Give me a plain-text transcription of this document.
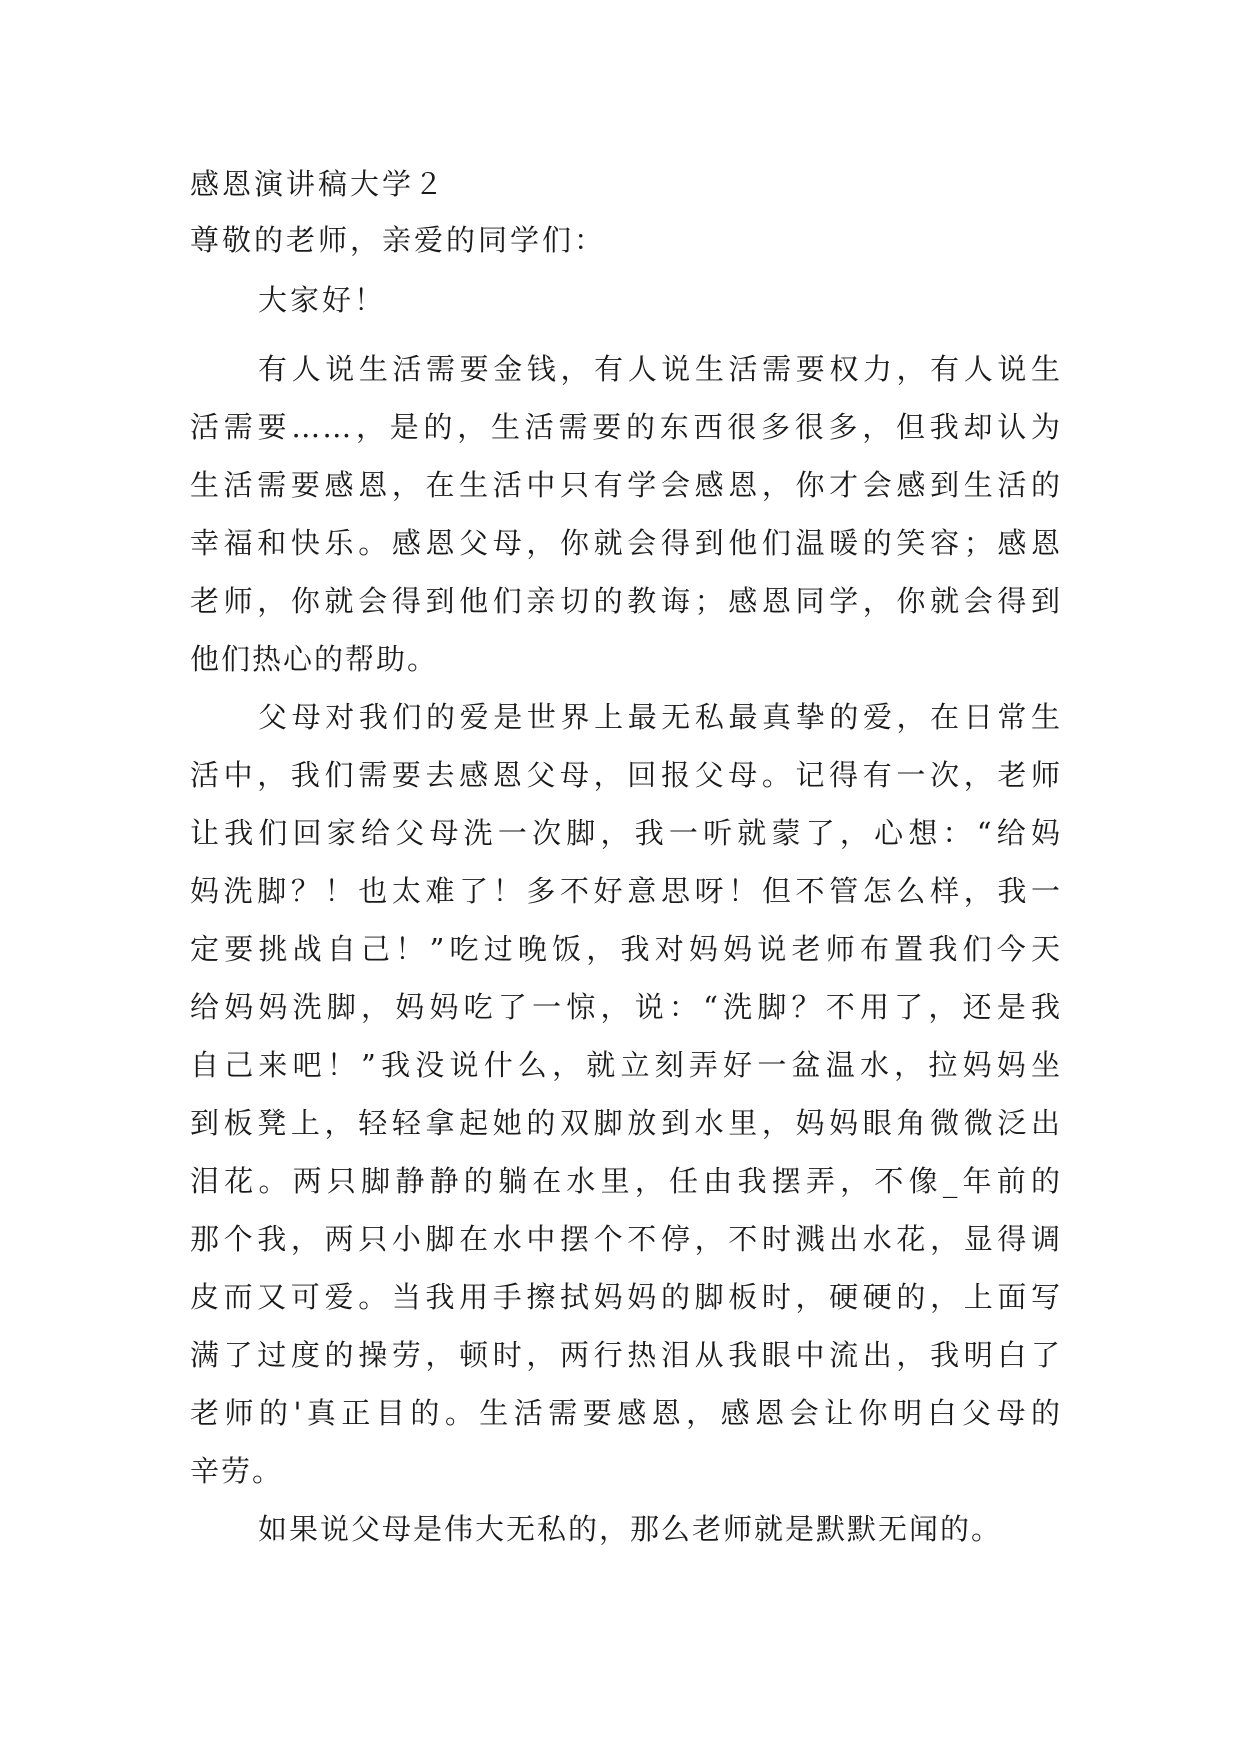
感恩演讲稿大学２
尊敬的老师，亲爱的同学们：
大家好！
有人说生活需要金钱，有人说生活需要权力，有人说生
活需要……，是的，生活需要的东西很多很多，但我却认为
生活需要感恩，在生活中只有学会感恩，你才会感到生活的
幸福和快乐。感恩父母，你就会得到他们温暖的笑容；感恩
老师，你就会得到他们亲切的教诲；感恩同学，你就会得到
他们热心的帮助。
父母对我们的爱是世界上最无私最真挚的爱，在日常生
活中，我们需要去感恩父母，回报父母。记得有一次，老师
让我们回家给父母洗一次脚，我一听就蒙了，心想：“给妈
妈洗脚？！也太难了！多不好意思呀！但不管怎么样，我一
定要挑战自己！”吃过晚饭，我对妈妈说老师布置我们今天
给妈妈洗脚，妈妈吃了一惊，说：“洗脚？不用了，还是我
自己来吧！”我没说什么，就立刻弄好一盆温水，拉妈妈坐
到板凳上，轻轻拿起她的双脚放到水里，妈妈眼角微微泛出
泪花。两只脚静静的躺在水里，任由我摆弄，不像_年前的
那个我，两只小脚在水中摆个不停，不时溅出水花，显得调
皮而又可爱。当我用手擦拭妈妈的脚板时，硬硬的，上面写
满了过度的操劳，顿时，两行热泪从我眼中流出，我明白了
老师的'真正目的。生活需要感恩，感恩会让你明白父母的
辛劳。
如果说父母是伟大无私的，那么老师就是默默无闻的。
